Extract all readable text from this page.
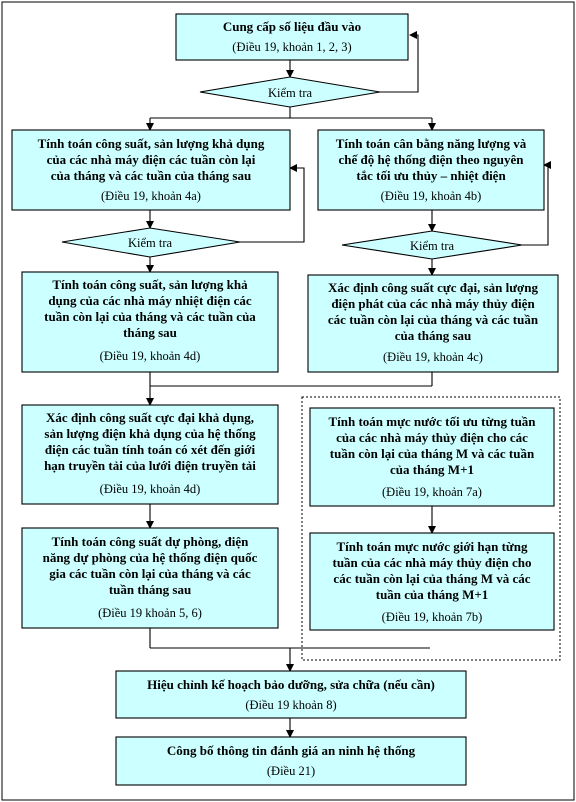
Cung cấp số liệu đầu vào
(Điều 19, khoản 1, 2, 3)
Kiểm tra
Tính toán công suất, sản lượng khả dụng
của các nhà máy điện các tuần còn lại
của tháng và các tuần của tháng sau
(Điều 19, khoản 4a)
Tính toán cân bằng năng lượng và
chế độ hệ thống điện theo nguyên
tắc tối ưu thủy – nhiệt điện
(Điều 19, khoản 4b)
Kiểm tra	Kiểm tra
Tính toán công suất, sản lượng khả
dụng của các nhà máy nhiệt điện các
tuần còn lại của tháng và các tuần của
tháng sau
(Điều 19, khoản 4d)
Xác định công suất cực đại, sản lượng
điện phát của các nhà máy thủy điện
các tuần còn lại của tháng và các tuần
của tháng sau
(Điều 19, khoản 4c)
Xác định công suất cực đại khả dụng,
sản lượng điện khả dụng của hệ thống
điện các tuần tính toán có xét đến giới
hạn truyền tải của lưới điện truyền tải
(Điều 19, khoản 4d)
Tính toán mực nước tối ưu từng tuần
của các nhà máy thủy điện cho các
tuần còn lại của tháng M và các tuần
của tháng M+1
(Điều 19, khoản 7a)
Tính toán công suất dự phòng, điện
năng dự phòng của hệ thống điện quốc
gia các tuần còn lại của tháng và các
tuần tháng sau
(Điều 19 khoản 5, 6)
Tính toán mực nước giới hạn từng
tuần của các nhà máy thủy điện cho
các tuần còn lại của tháng M và các
tuần của tháng M+1
(Điều 19, khoản 7b)
Hiệu chỉnh kế hoạch bảo dưỡng, sửa chữa (nếu cần)
(Điều 19 khoản 8)
Công bố thông tin đánh giá an ninh hệ thống
(Điều 21)
